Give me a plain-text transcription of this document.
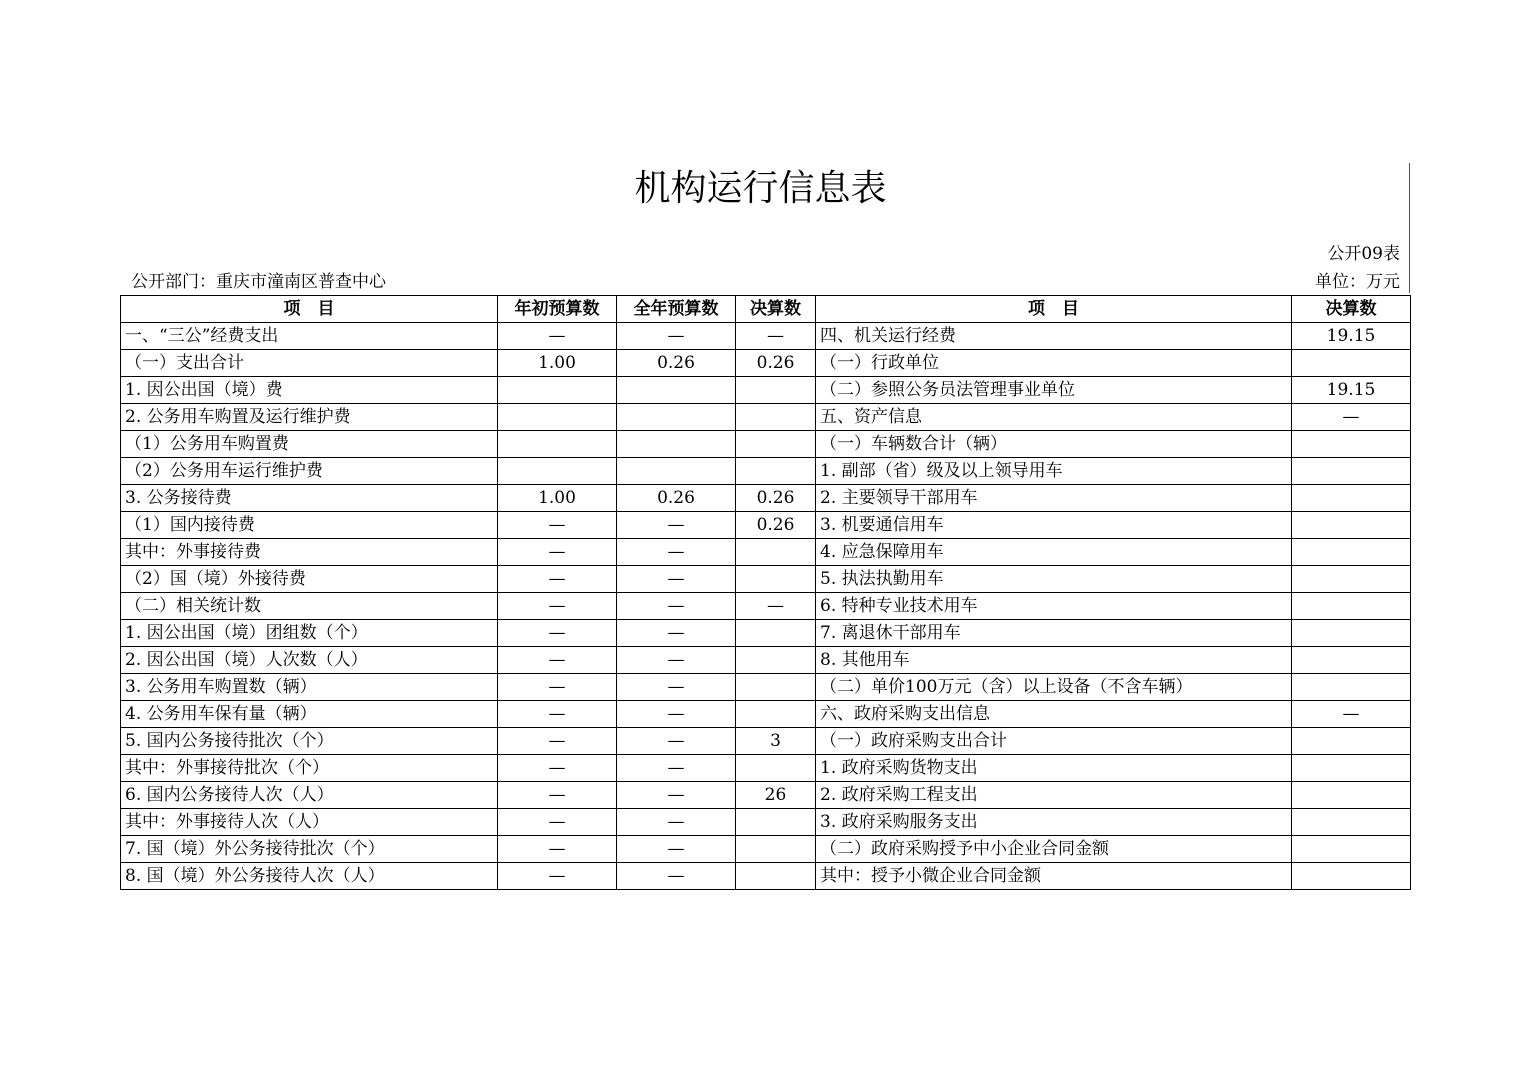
机构运行信息表
公开09表
公开部门：重庆市潼南区普查中心	单位：万元
项　目	年初预算数	全年预算数	决算数	项　目	决算数
一、“三公”经费支出	—	—	—	四、机关运行经费	19.15
（一）支出合计	1.00	0.26	0.26	（一）行政单位	
1. 因公出国（境）费				（二）参照公务员法管理事业单位	19.15
2. 公务用车购置及运行维护费				五、资产信息	—
（1）公务用车购置费				（一）车辆数合计（辆）	
（2）公务用车运行维护费				1. 副部（省）级及以上领导用车	
3. 公务接待费	1.00	0.26	0.26	2. 主要领导干部用车	
（1）国内接待费	—	—	0.26	3. 机要通信用车	
其中：外事接待费	—	—		4. 应急保障用车	
（2）国（境）外接待费	—	—		5. 执法执勤用车	
（二）相关统计数	—	—	—	6. 特种专业技术用车	
1. 因公出国（境）团组数（个）	—	—		7. 离退休干部用车	
2. 因公出国（境）人次数（人）	—	—		8. 其他用车	
3. 公务用车购置数（辆）	—	—		（二）单价100万元（含）以上设备（不含车辆）	
4. 公务用车保有量（辆）	—	—		六、政府采购支出信息	—
5. 国内公务接待批次（个）	—	—	3	（一）政府采购支出合计	
其中：外事接待批次（个）	—	—		1. 政府采购货物支出	
6. 国内公务接待人次（人）	—	—	26	2. 政府采购工程支出	
其中：外事接待人次（人）	—	—		3. 政府采购服务支出	
7. 国（境）外公务接待批次（个）	—	—		（二）政府采购授予中小企业合同金额	
8. 国（境）外公务接待人次（人）	—	—		其中：授予小微企业合同金额	
